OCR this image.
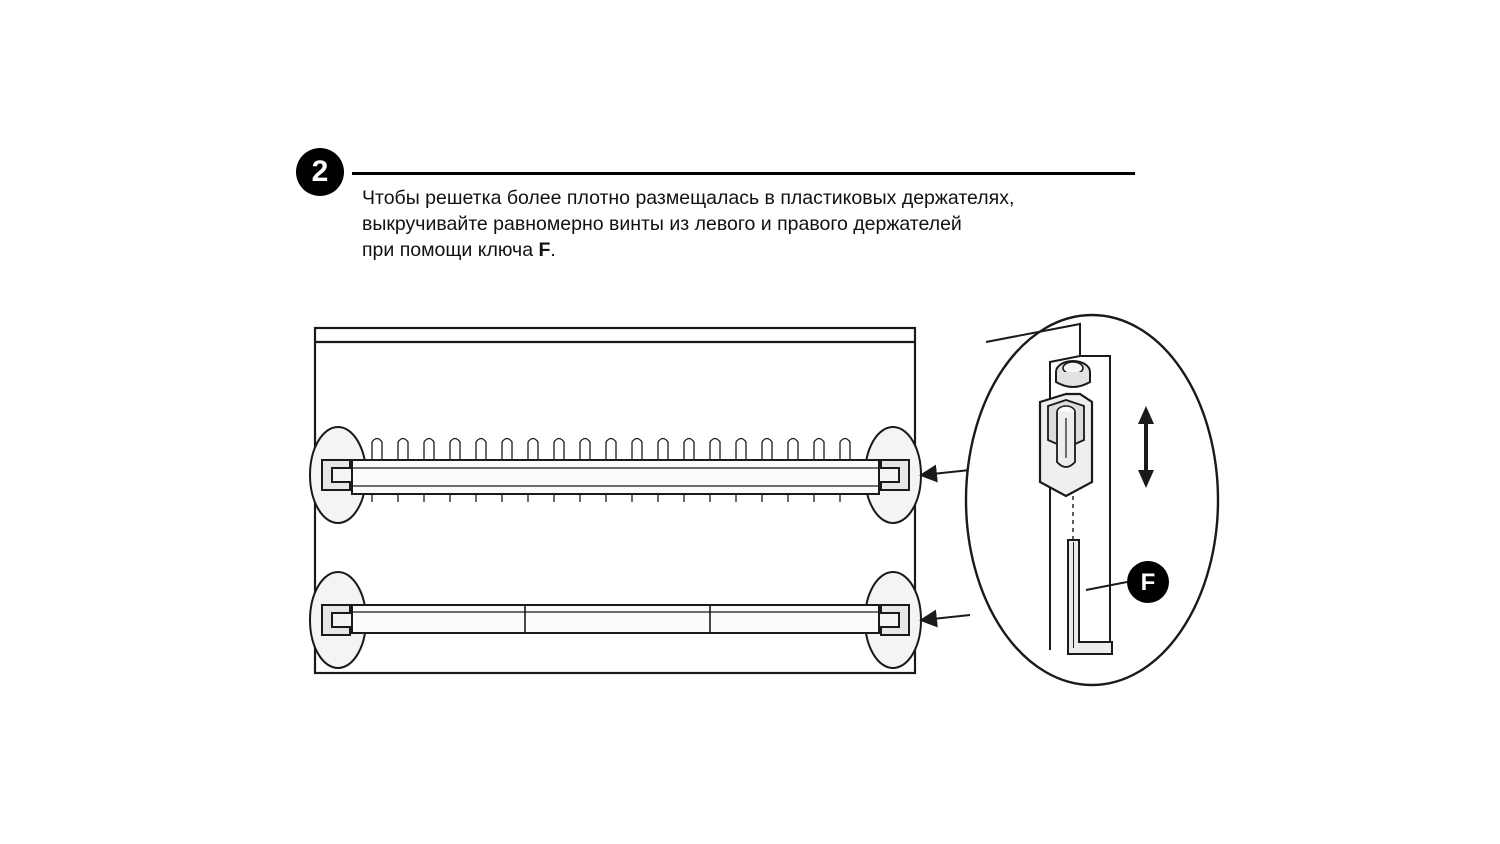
2
Чтобы решетка более плотно размещалась в пластиковых держателях,
выкручивайте равномерно винты из левого и правого держателей
при помощи ключа F.
F
